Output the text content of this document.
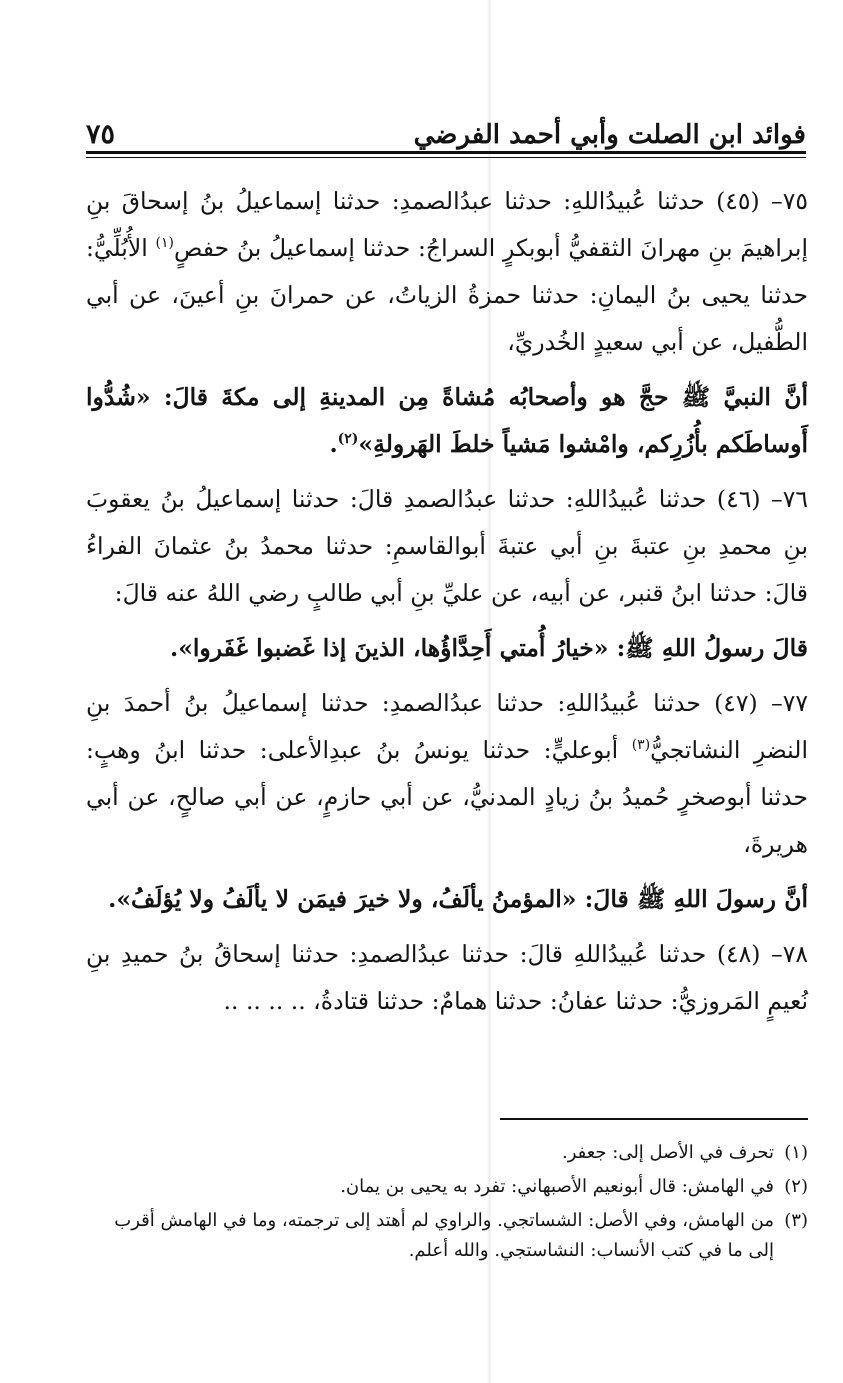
٧٥	فوائد ابن الصلت وأبي أحمد الفرضي

٧٥– (٤٥) حدثنا عُبيدُاللهِ: حدثنا عبدُالصمدِ: حدثنا إسماعيلُ بنُ إسحاقَ بنِ إبراهيمَ بنِ مهرانَ الثقفيُّ أبوبكرٍ السراجُ: حدثنا إسماعيلُ بنُ حفصٍ$^{(١)}$ الأُبُلِّيُّ: حدثنا يحيى بنُ اليمانِ: حدثنا حمزةُ الزياتُ، عن حمرانَ بنِ أعينَ، عن أبي الطُّفيل، عن أبي سعيدٍ الخُدريِّ،

أنَّ النبيَّ ﷺ حجَّ هو وأصحابُه مُشاةً مِن المدينةِ إلى مكةَ قالَ: «شُدُّوا أَوساطَكم بأُزُرِكم، وامْشوا مَشياً خلطَ الهَرولةِ»$^{(٢)}$.

٧٦– (٤٦) حدثنا عُبيدُاللهِ: حدثنا عبدُالصمدِ قالَ: حدثنا إسماعيلُ بنُ يعقوبَ بنِ محمدِ بنِ عتبةَ بنِ أبي عتبةَ أبوالقاسمِ: حدثنا محمدُ بنُ عثمانَ الفراءُ قالَ: حدثنا ابنُ قنبر، عن أبيه، عن عليِّ بنِ أبي طالبٍ رضي اللهُ عنه قالَ:

قالَ رسولُ اللهِ ﷺ: «خيارُ أُمتي أَحِدَّاؤُها، الذينَ إذا غَضبوا غَفَروا».

٧٧– (٤٧) حدثنا عُبيدُاللهِ: حدثنا عبدُالصمدِ: حدثنا إسماعيلُ بنُ أحمدَ بنِ النضرِ النشاتجيُّ$^{(٣)}$ أبوعليٍّ: حدثنا يونسُ بنُ عبدِالأعلى: حدثنا ابنُ وهبٍ: حدثنا أبوصخرٍ حُميدُ بنُ زيادٍ المدنيُّ، عن أبي حازمٍ، عن أبي صالحٍ، عن أبي هريرةَ،

أنَّ رسولَ اللهِ ﷺ قالَ: «المؤمنُ يألَفُ، ولا خيرَ فيمَن لا يألَفُ ولا يُؤلَفُ».

٧٨– (٤٨) حدثنا عُبيدُاللهِ قالَ: حدثنا عبدُالصمدِ: حدثنا إسحاقُ بنُ حميدِ بنِ نُعيمٍ المَروزيُّ: حدثنا عفانُ: حدثنا همامٌ: حدثنا قتادةُ، .. .. .. ..

(١)
تحرف في الأصل إلى: جعفر.
(٢)
في الهامش: قال أبونعيم الأصبهاني: تفرد به يحيى بن يمان.
(٣)
من الهامش، وفي الأصل: الشساتجي. والراوي لم أهتد إلى ترجمته، وما في الهامش أقرب إلى ما في كتب الأنساب: النشاستجي. والله أعلم.
